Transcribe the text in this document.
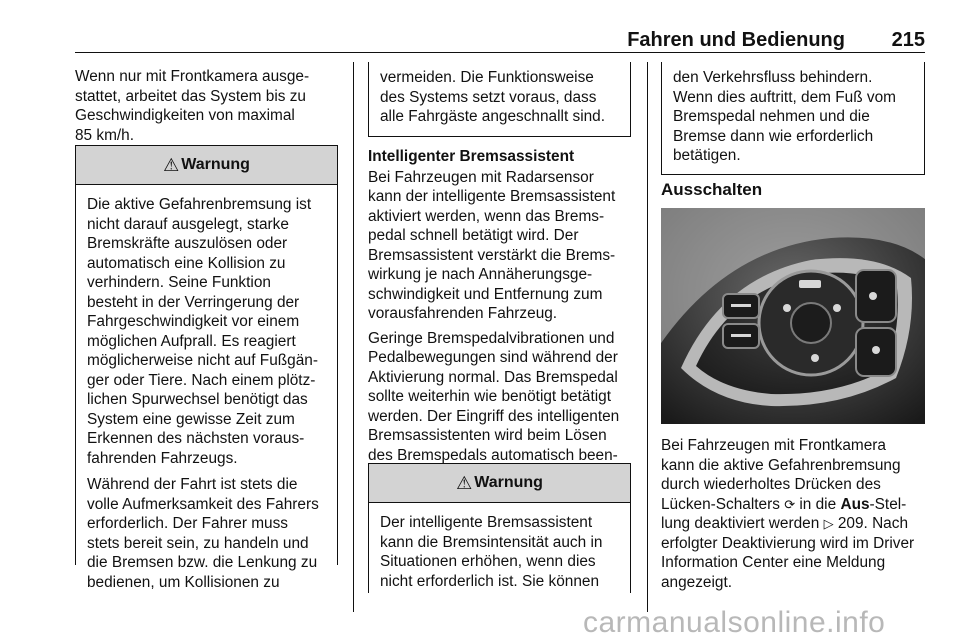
Fahren und Bedienung	215
Wenn nur mit Frontkamera ausge-
stattet, arbeitet das System bis zu
Geschwindigkeiten von maximal
85 km/h.
⚠ Warnung

Die aktive Gefahrenbremsung ist
nicht darauf ausgelegt, starke
Bremskräfte auszulösen oder
automatisch eine Kollision zu
verhindern. Seine Funktion
besteht in der Verringerung der
Fahrgeschwindigkeit vor einem
möglichen Aufprall. Es reagiert
möglicherweise nicht auf Fußgän-
ger oder Tiere. Nach einem plötz-
lichen Spurwechsel benötigt das
System eine gewisse Zeit zum
Erkennen des nächsten voraus-
fahrenden Fahrzeugs.

Während der Fahrt ist stets die
volle Aufmerksamkeit des Fahrers
erforderlich. Der Fahrer muss
stets bereit sein, zu handeln und
die Bremsen bzw. die Lenkung zu
bedienen, um Kollisionen zu

vermeiden. Die Funktionsweise
des Systems setzt voraus, dass
alle Fahrgäste angeschnallt sind.
Intelligenter Bremsassistent

Bei Fahrzeugen mit Radarsensor
kann der intelligente Bremsassistent
aktiviert werden, wenn das Brems-
pedal schnell betätigt wird. Der
Bremsassistent verstärkt die Brems-
wirkung je nach Annäherungsge-
schwindigkeit und Entfernung zum
vorausfahrenden Fahrzeug.

Geringe Bremspedalvibrationen und
Pedalbewegungen sind während der
Aktivierung normal. Das Bremspedal
sollte weiterhin wie benötigt betätigt
werden. Der Eingriff des intelligenten
Bremsassistenten wird beim Lösen
des Bremspedals automatisch been-

⚠ Warnung

Der intelligente Bremsassistent
kann die Bremsintensität auch in
Situationen erhöhen, wenn dies
nicht erforderlich ist. Sie können

den Verkehrsfluss behindern.
Wenn dies auftritt, dem Fuß vom
Bremspedal nehmen und die
Bremse dann wie erforderlich
betätigen.
Ausschalten
Bei Fahrzeugen mit Frontkamera
kann die aktive Gefahrenbremsung
durch wiederholtes Drücken des
Lücken-Schalters ⟳ in die Aus-Stel-
lung deaktiviert werden ▷ 209. Nach
erfolgter Deaktivierung wird im Driver
Information Center eine Meldung
angezeigt.
carmanualsonline.info
